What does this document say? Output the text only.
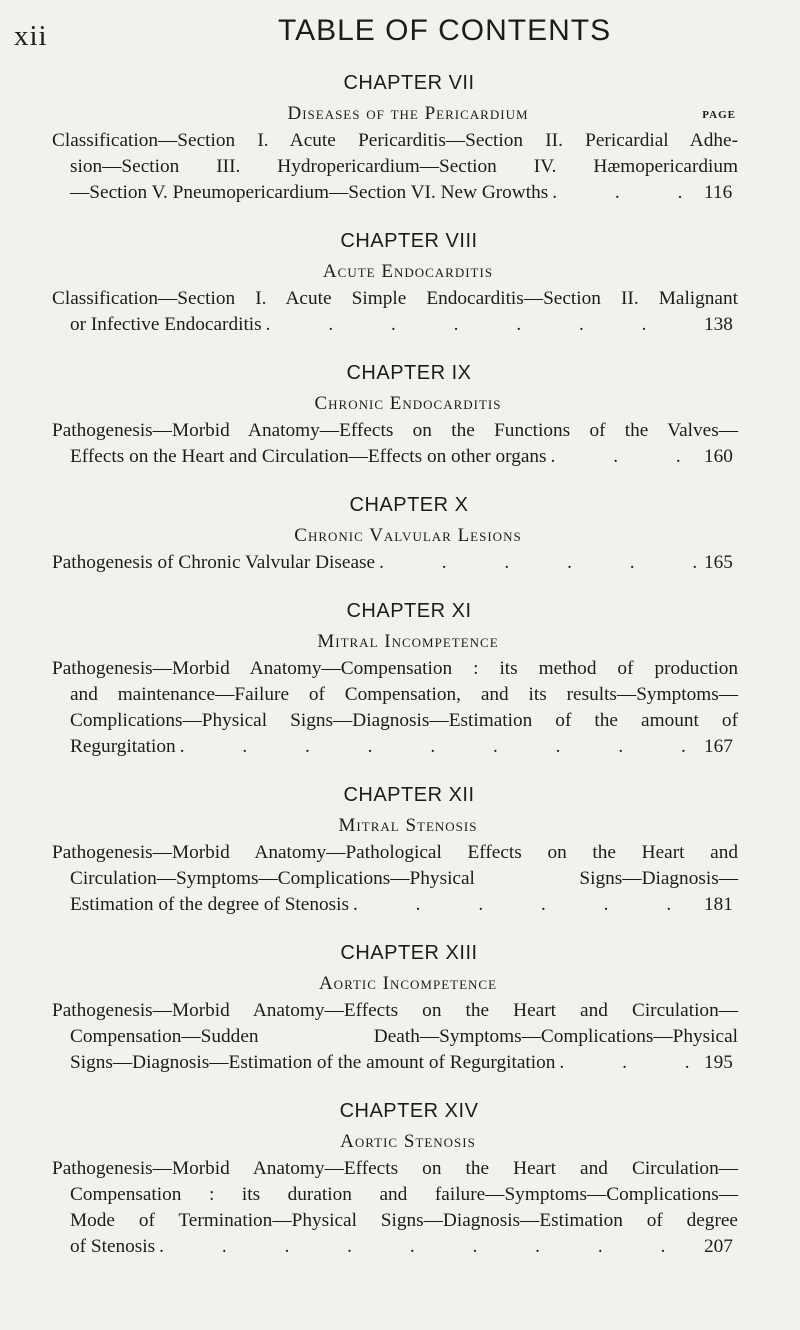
xii	TABLE OF CONTENTS
CHAPTER VII
Diseases of the Pericardium	PAGE
Classification—Section I. Acute Pericarditis—Section II. Pericardial Adhe-
sion—Section III. Hydropericardium—Section IV. Hæmopericardium
—Section V. Pneumopericardium—Section VI. New Growths .	116
CHAPTER VIII
Acute Endocarditis
Classification—Section I. Acute Simple Endocarditis—Section II. Malignant
or Infective Endocarditis .	138
CHAPTER IX
Chronic Endocarditis
Pathogenesis—Morbid Anatomy—Effects on the Functions of the Valves—
Effects on the Heart and Circulation—Effects on other organs .	160
CHAPTER X
Chronic Valvular Lesions
Pathogenesis of Chronic Valvular Disease .	165
CHAPTER XI
Mitral Incompetence
Pathogenesis—Morbid Anatomy—Compensation : its method of production
and maintenance—Failure of Compensation, and its results—Symptoms—
Complications—Physical Signs—Diagnosis—Estimation of the amount of
Regurgitation .	167
CHAPTER XII
Mitral Stenosis
Pathogenesis—Morbid Anatomy—Pathological Effects on the Heart and
Circulation—Symptoms—Complications—Physical Signs—Diagnosis—
Estimation of the degree of Stenosis .	181
CHAPTER XIII
Aortic Incompetence
Pathogenesis—Morbid Anatomy—Effects on the Heart and Circulation—
Compensation—Sudden Death—Symptoms—Complications—Physical
Signs—Diagnosis—Estimation of the amount of Regurgitation .	195
CHAPTER XIV
Aortic Stenosis
Pathogenesis—Morbid Anatomy—Effects on the Heart and Circulation—
Compensation : its duration and failure—Symptoms—Complications—
Mode of Termination—Physical Signs—Diagnosis—Estimation of degree
of Stenosis .	207
